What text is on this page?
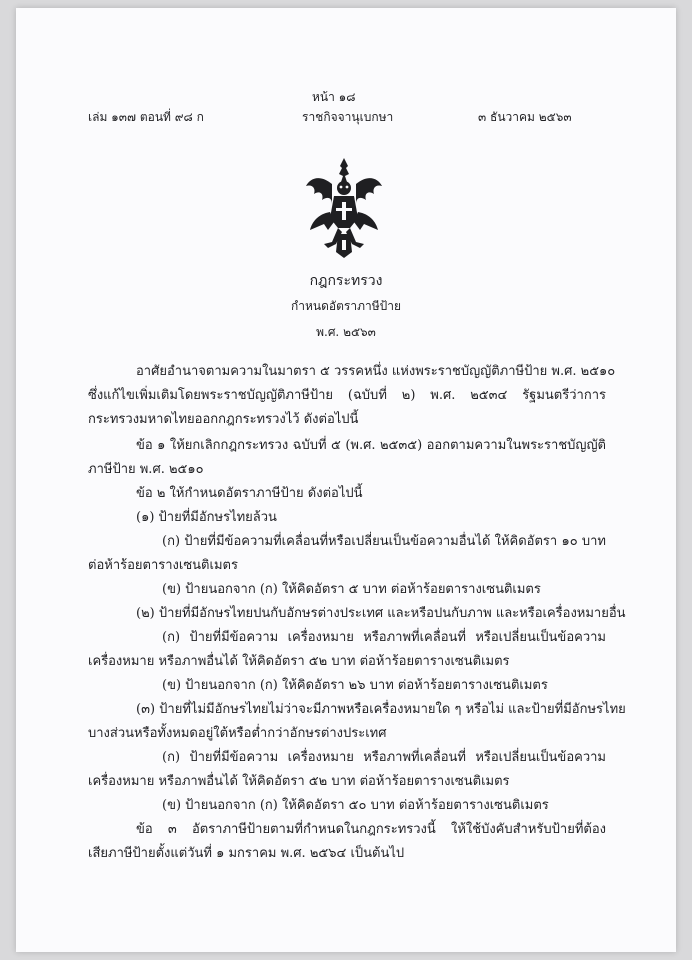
หน้า ๑๘
เล่ม ๑๓๗ ตอนที่ ๙๘ ก	ราชกิจจานุเบกษา	๓ ธันวาคม ๒๕๖๓
กฎกระทรวง
กำหนดอัตราภาษีป้าย
พ.ศ. ๒๕๖๓
อาศัยอำนาจตามความในมาตรา ๕ วรรคหนึ่ง แห่งพระราชบัญญัติภาษีป้าย พ.ศ. ๒๕๑๐
ซึ่งแก้ไขเพิ่มเติมโดยพระราชบัญญัติภาษีป้าย (ฉบับที่ ๒) พ.ศ. ๒๕๓๔ รัฐมนตรีว่าการ
กระทรวงมหาดไทยออกกฎกระทรวงไว้ ดังต่อไปนี้
ข้อ ๑ ให้ยกเลิกกฎกระทรวง ฉบับที่ ๕ (พ.ศ. ๒๕๓๕) ออกตามความในพระราชบัญญัติ
ภาษีป้าย พ.ศ. ๒๕๑๐
ข้อ ๒ ให้กำหนดอัตราภาษีป้าย ดังต่อไปนี้
(๑) ป้ายที่มีอักษรไทยล้วน
(ก) ป้ายที่มีข้อความที่เคลื่อนที่หรือเปลี่ยนเป็นข้อความอื่นได้ ให้คิดอัตรา ๑๐ บาท
ต่อห้าร้อยตารางเซนติเมตร
(ข) ป้ายนอกจาก (ก) ให้คิดอัตรา ๕ บาท ต่อห้าร้อยตารางเซนติเมตร
(๒) ป้ายที่มีอักษรไทยปนกับอักษรต่างประเทศ และหรือปนกับภาพ และหรือเครื่องหมายอื่น
(ก) ป้ายที่มีข้อความ เครื่องหมาย หรือภาพที่เคลื่อนที่ หรือเปลี่ยนเป็นข้อความ
เครื่องหมาย หรือภาพอื่นได้ ให้คิดอัตรา ๕๒ บาท ต่อห้าร้อยตารางเซนติเมตร
(ข) ป้ายนอกจาก (ก) ให้คิดอัตรา ๒๖ บาท ต่อห้าร้อยตารางเซนติเมตร
(๓) ป้ายที่ไม่มีอักษรไทยไม่ว่าจะมีภาพหรือเครื่องหมายใด ๆ หรือไม่ และป้ายที่มีอักษรไทย
บางส่วนหรือทั้งหมดอยู่ใต้หรือต่ำกว่าอักษรต่างประเทศ
(ก) ป้ายที่มีข้อความ เครื่องหมาย หรือภาพที่เคลื่อนที่ หรือเปลี่ยนเป็นข้อความ
เครื่องหมาย หรือภาพอื่นได้ ให้คิดอัตรา ๕๒ บาท ต่อห้าร้อยตารางเซนติเมตร
(ข) ป้ายนอกจาก (ก) ให้คิดอัตรา ๕๐ บาท ต่อห้าร้อยตารางเซนติเมตร
ข้อ ๓ อัตราภาษีป้ายตามที่กำหนดในกฎกระทรวงนี้ ให้ใช้บังคับสำหรับป้ายที่ต้อง
เสียภาษีป้ายตั้งแต่วันที่ ๑ มกราคม พ.ศ. ๒๕๖๔ เป็นต้นไป
